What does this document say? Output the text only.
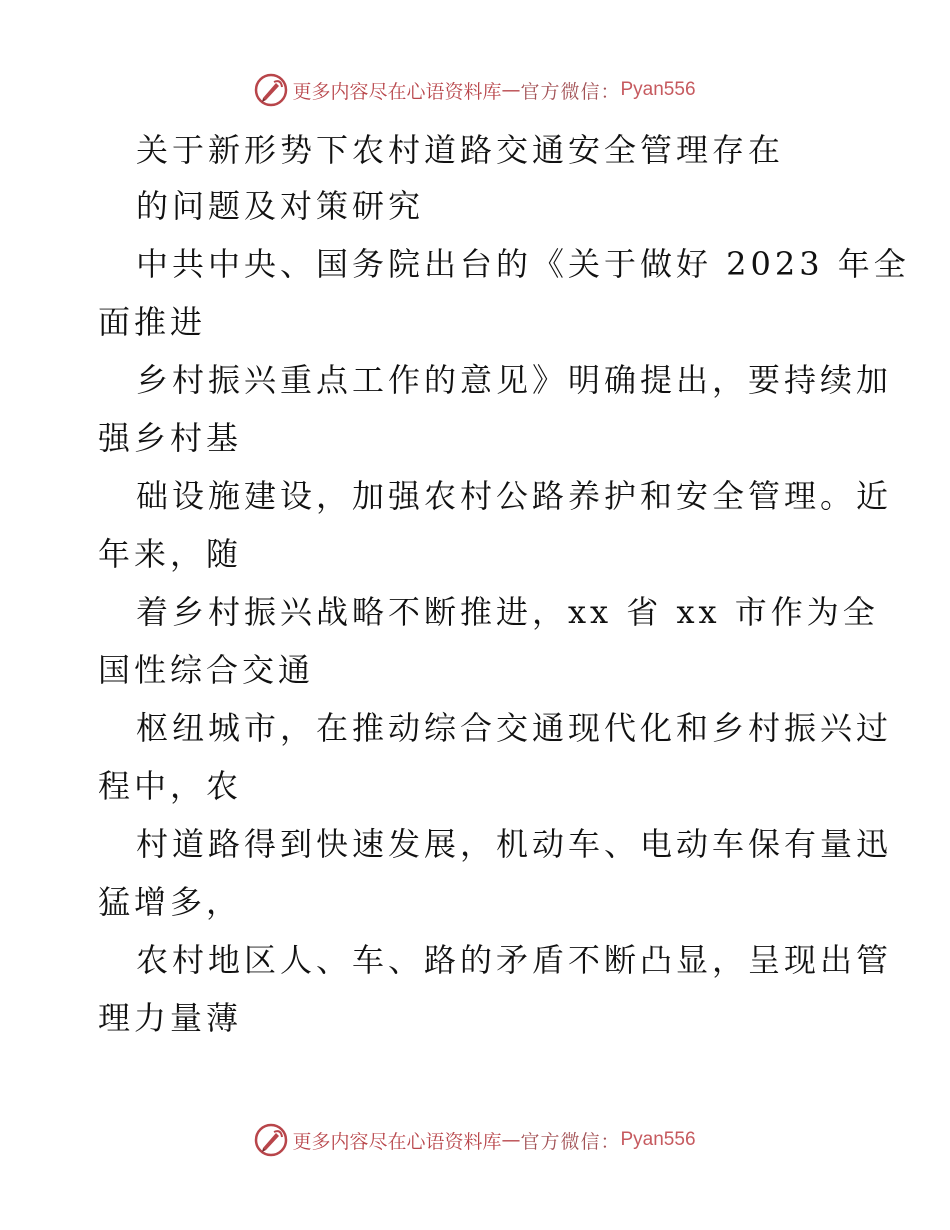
更多内容尽在心语资料库 — 官方微信： Pyan556
关于新形势下农村道路交通安全管理存在
的问题及对策研究
中共中央、国务院出台的《关于做好 2023 年全
面推进
乡村振兴重点工作的意见》明确提出，要持续加
强乡村基
础设施建设，加强农村公路养护和安全管理。近
年来，随
着乡村振兴战略不断推进，xx 省 xx 市作为全
国性综合交通
枢纽城市，在推动综合交通现代化和乡村振兴过
程中，农
村道路得到快速发展，机动车、电动车保有量迅
猛增多，
农村地区人、车、路的矛盾不断凸显，呈现出管
理力量薄
更多内容尽在心语资料库 — 官方微信： Pyan556
